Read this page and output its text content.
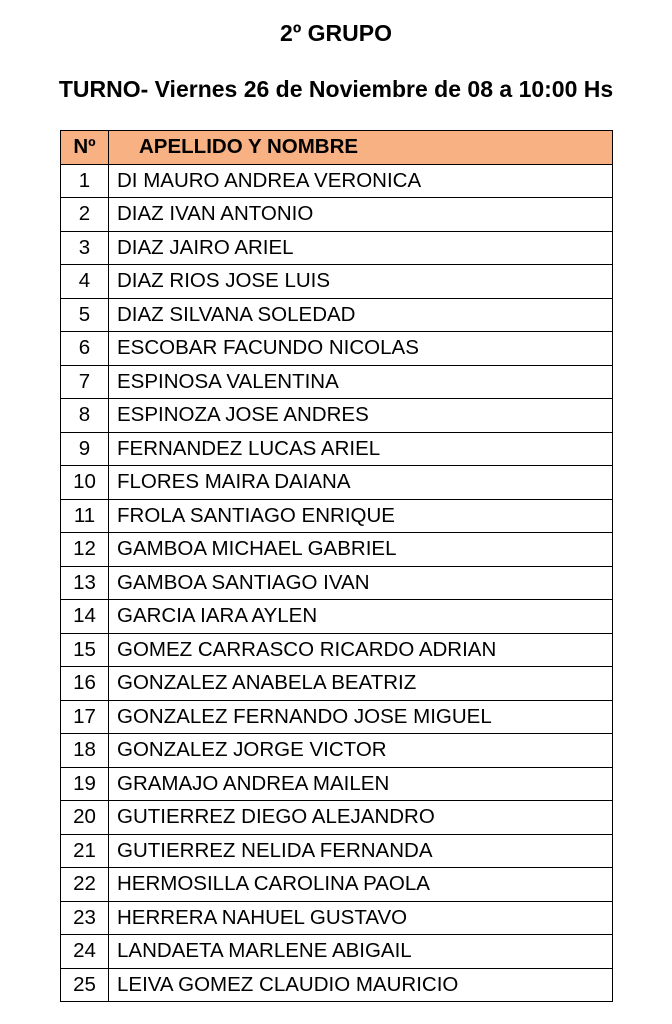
2º GRUPO
TURNO- Viernes 26 de Noviembre de 08 a 10:00 Hs
Nº	APELLIDO Y NOMBRE
1	DI MAURO ANDREA VERONICA
2	DIAZ IVAN ANTONIO
3	DIAZ JAIRO ARIEL
4	DIAZ RIOS JOSE LUIS
5	DIAZ SILVANA SOLEDAD
6	ESCOBAR FACUNDO NICOLAS
7	ESPINOSA VALENTINA
8	ESPINOZA JOSE ANDRES
9	FERNANDEZ LUCAS ARIEL
10	FLORES MAIRA DAIANA
11	FROLA SANTIAGO ENRIQUE
12	GAMBOA MICHAEL GABRIEL
13	GAMBOA SANTIAGO IVAN
14	GARCIA IARA AYLEN
15	GOMEZ CARRASCO RICARDO ADRIAN
16	GONZALEZ ANABELA BEATRIZ
17	GONZALEZ FERNANDO JOSE MIGUEL
18	GONZALEZ JORGE VICTOR
19	GRAMAJO ANDREA MAILEN
20	GUTIERREZ DIEGO ALEJANDRO
21	GUTIERREZ NELIDA FERNANDA
22	HERMOSILLA CAROLINA PAOLA
23	HERRERA NAHUEL GUSTAVO
24	LANDAETA MARLENE ABIGAIL
25	LEIVA GOMEZ CLAUDIO MAURICIO
